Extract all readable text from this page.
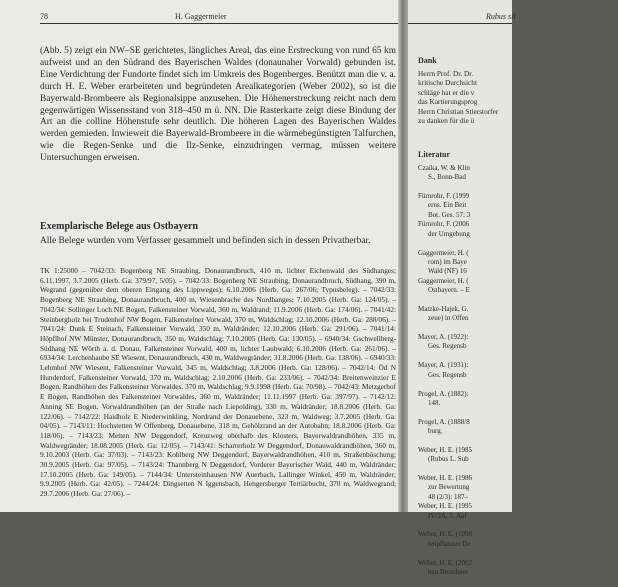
78	H. Gaggermeier

(Abb. 5) zeigt ein NW–SE gerichtetes, längliches Areal, das eine Erstreckung von rund 65 km aufweist und an den Südrand des Bayerischen Waldes (donaunaher Vorwald) gebunden ist. Eine Verdichtung der Fundorte findet sich im Umkreis des Bogenberges. Benützt man die v. a. durch H. E. Weber erarbeiteten und begründeten Arealkategorien (Weber 2002), so ist die Bayerwald-Brombeere als Regionalsippe anzusehen. Die Höhenerstreckung reicht nach dem gegenwärtigen Wissensstand von 318–450 m ü. NN. Die Rasterkarte zeigt diese Bindung der Art an die colline Höhenstufe sehr deutlich. Die höheren Lagen des Bayerischen Waldes werden gemieden. Inwieweit die Bayerwald-Brombeere in die wärmebegünstigten Talfurchen, wie die Regen-Senke und die Ilz-Senke, einzudringen vermag, müssen weitere Untersuchungen erweisen.

Exemplarische Belege aus Ostbayern

Alle Belege wurden vom Verfasser gesammelt und befinden sich in dessen Privatherbar.

TK 1:25000 – 7042/33: Bogenberg NE Straubing, Donaurandbruch, 410 m, lichter Eichenwald des Südhanges; 6.11.1997, 3.7.2005 (Herb. Ga: 379/97, 5/05). – 7042/33: Bogenberg NE Straubing, Donaurandbruch, Südhang, 390 m, Wegrand (gegenüber dem oberen Eingang des Lippweges); 6.10.2006 (Herb. Ga: 267/06; Typusbeleg). – 7042/33: Bogenberg NE Straubing, Donaurandbruch, 400 m, Wiesenbrache des Nordhanges; 7.10.2005 (Herb. Ga: 124/05). – 7042/34: Sollinger Loch NE Bogen, Falkensteiner Vorwald, 360 m, Waldrand; 11.9.2006 (Herb. Ga: 174/06). – 7041/42: Steinbergholz bei Trudenhof NW Bogen, Falkensteiner Vorwald, 370 m, Waldschlag; 12.10.2006 (Herb. Ga: 288/06). – 7041/24: Dunk E Steinach, Falkensteiner Vorwald, 350 m, Waldränder; 12.10.2006 (Herb. Ga: 291/06). – 7041/14: Höpflhof NW Münster, Donaurandbruch, 350 m, Waldschlag; 7.10.2005 (Herb. Ga: 130/05). – 6940/34: Gschwellberg-Südhang NE Wörth a. d. Donau, Falkensteiner Vorwald, 400 m, lichter Laubwald; 6.10.2006 (Herb. Ga: 261/06). – 6934/34: Lerchenhaube SE Wiesent, Donaurandbruch, 430 m, Waldwegränder; 31.8.2006 (Herb. Ga: 138/06). – 6940/33: Lehmhof NW Wiesent, Falkensteiner Vorwald, 345 m, Waldschlag; 3.8.2006 (Herb. Ga: 128/06). – 7042/14: Öd N Hunderdorf, Falkensteiner Vorwald, 370 m, Waldschlag; 2.10.2006 (Herb. Ga: 233/06). – 7042/34: Breitenweinzier E Bogen, Randhöhen des Falkensteiner Vorwaldes, 370 m, Waldschlag; 9.9.1998 (Herb. Ga: 70/98). – 7042/43: Metzgerhof E Bogen, Randhöhen des Falkensteiner Vorwaldes, 360 m, Waldränder; 11.11.1997 (Herb. Ga: 397/97). – 7142/12: Anning SE Bogen, Vorwaldrandhöhen (an der Straße nach Liepolding), 330 m, Waldränder; 18.8.2006 (Herb. Ga: 122/06). – 7142/22: Haidholz E Niederwinkling, Nordrand der Donauebene, 323 m, Waldweg; 3.7.2005 (Herb. Ga: 04/05). – 7143/11: Hochstetten W Offenberg, Donauebene, 318 m, Gehölzrand an der Autobahn; 18.8.2006 (Herb. Ga: 118/06). – 7143/23: Metten NW Deggendorf, Kreuzweg oberhalb des Klosters, Bayerwaldrandhöhen, 335 m, Waldwegränder; 18.08.2005 (Herb. Ga: 12/05). – 7143/41: Scharrerholz W Deggendorf, Donauwaldrandhöhen, 360 m, 9.10.2003 (Herb. Ga: 37/03). – 7143/23: Kohlberg NW Deggendorf, Bayerwaldrandhöhen, 410 m, Straßenböschung; 30.9.2005 (Herb. Ga: 97/05). – 7143/24: Thannberg N Deggendorf, Vorderer Bayerischer Wald, 440 m, Waldränder; 17.10.2005 (Herb. Ga: 149/05). – 7144/34: Untersteinhausen NW Auerbach, Lallinger Winkel, 450 m, Waldränder; 9.9.2005 (Herb. Ga: 42/05). – 7244/24: Dingsetten N Iggensbach, Hengersberger Tertiärbucht, 370 m, Waldwegrand; 29.7.2006 (Herb. Ga: 27/06). –

Rubus sil
Dank
Herrn Prof. Dr. Dr.
kritische Durchsicht
schläge hat er die v
das Kartierungsprog
Herrn Christian Stierstorfer
zu danken für die ü
Literatur
Czaika, W. & Klin
S., Bonn-Bad
Fürnrohr, F. (1999
erns. Ein Beit
Bot. Ges. 57: 3
Fürnrohr, F. (2006
der Umgebung
Gaggermeier, H. (
rom) im Baye
Wald (NF) 16
Gaggermeier, H. (
Ostbayern. – E
Matzke-Hajek, G.
zeue) in Offen
Mayer, A. (1922):
Ges. Regensb
Mayer, A. (1931):
Ges. Regensb
Progel, A. (1882):
148.
Progel, A. (1888/8
burg.
Weber, H. E. (1985
(Rubus L. Sub
Weber, H. E. (1986
zur Bewertung
48 (2/3): 187–
Weber, H. E. (1995
IV/2A, 3. Auf
Weber, H. E. (1998
tenpflanzen De
Weber, H. E. (2002
hen Brombeer
